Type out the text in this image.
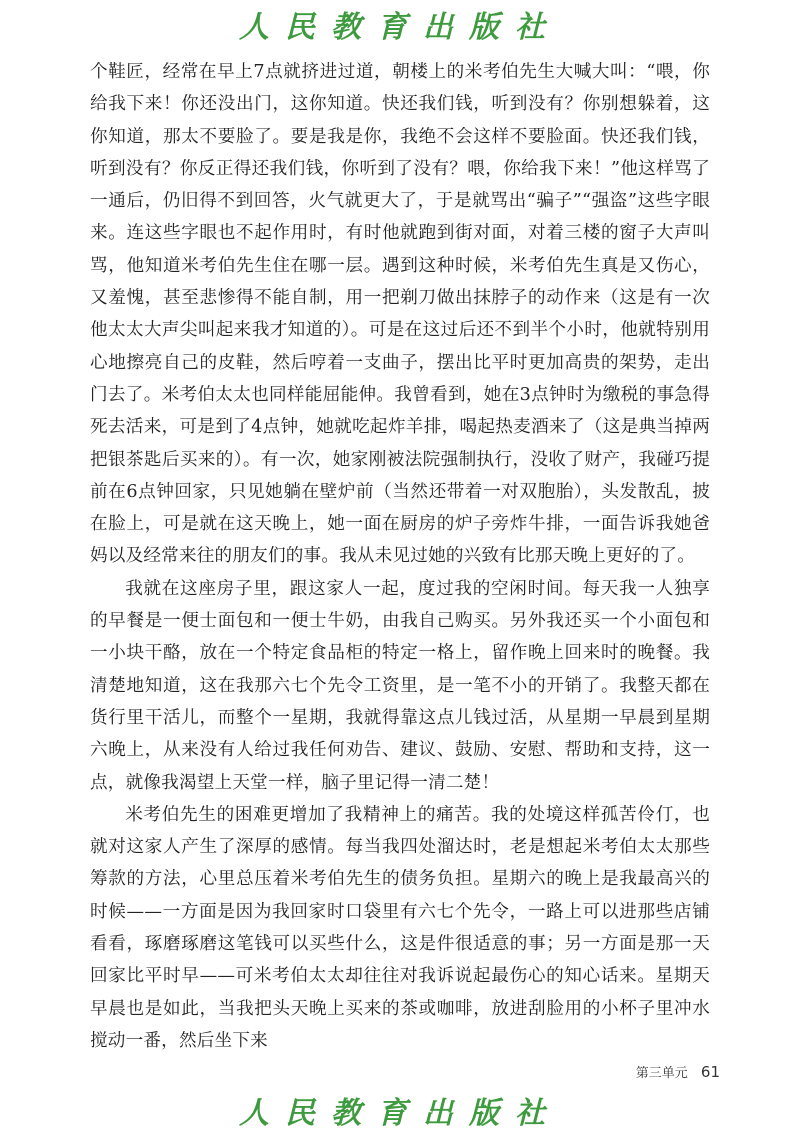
人民教育出版社

个鞋匠，经常在早上7点就挤进过道，朝楼上的米考伯先生大喊大叫：“喂，你给我下来！你还没出门，这你知道。快还我们钱，听到没有？你别想躲着，这你知道，那太不要脸了。要是我是你，我绝不会这样不要脸面。快还我们钱，听到没有？你反正得还我们钱，你听到了没有？喂，你给我下来！”他这样骂了一通后，仍旧得不到回答，火气就更大了，于是就骂出“骗子”“强盗”这些字眼来。连这些字眼也不起作用时，有时他就跑到街对面，对着三楼的窗子大声叫骂，他知道米考伯先生住在哪一层。遇到这种时候，米考伯先生真是又伤心，又羞愧，甚至悲惨得不能自制，用一把剃刀做出抹脖子的动作来（这是有一次他太太大声尖叫起来我才知道的）。可是在这过后还不到半个小时，他就特别用心地擦亮自己的皮鞋，然后哼着一支曲子，摆出比平时更加高贵的架势，走出门去了。米考伯太太也同样能屈能伸。我曾看到，她在3点钟时为缴税的事急得死去活来，可是到了4点钟，她就吃起炸羊排，喝起热麦酒来了（这是典当掉两把银茶匙后买来的）。有一次，她家刚被法院强制执行，没收了财产，我碰巧提前在6点钟回家，只见她躺在壁炉前（当然还带着一对双胞胎），头发散乱，披在脸上，可是就在这天晚上，她一面在厨房的炉子旁炸牛排，一面告诉我她爸妈以及经常来往的朋友们的事。我从未见过她的兴致有比那天晚上更好的了。

我就在这座房子里，跟这家人一起，度过我的空闲时间。每天我一人独享的早餐是一便士面包和一便士牛奶，由我自己购买。另外我还买一个小面包和一小块干酪，放在一个特定食品柜的特定一格上，留作晚上回来时的晚餐。我清楚地知道，这在我那六七个先令工资里，是一笔不小的开销了。我整天都在货行里干活儿，而整个一星期，我就得靠这点儿钱过活，从星期一早晨到星期六晚上，从来没有人给过我任何劝告、建议、鼓励、安慰、帮助和支持，这一点，就像我渴望上天堂一样，脑子里记得一清二楚！

米考伯先生的困难更增加了我精神上的痛苦。我的处境这样孤苦伶仃，也就对这家人产生了深厚的感情。每当我四处溜达时，老是想起米考伯太太那些筹款的方法，心里总压着米考伯先生的债务负担。星期六的晚上是我最高兴的时候——一方面是因为我回家时口袋里有六七个先令，一路上可以进那些店铺看看，琢磨琢磨这笔钱可以买些什么，这是件很适意的事；另一方面是那一天回家比平时早——可米考伯太太却往往对我诉说起最伤心的知心话来。星期天早晨也是如此，当我把头天晚上买来的茶或咖啡，放进刮脸用的小杯子里冲水搅动一番，然后坐下来

第三单元 61
人民教育出版社
